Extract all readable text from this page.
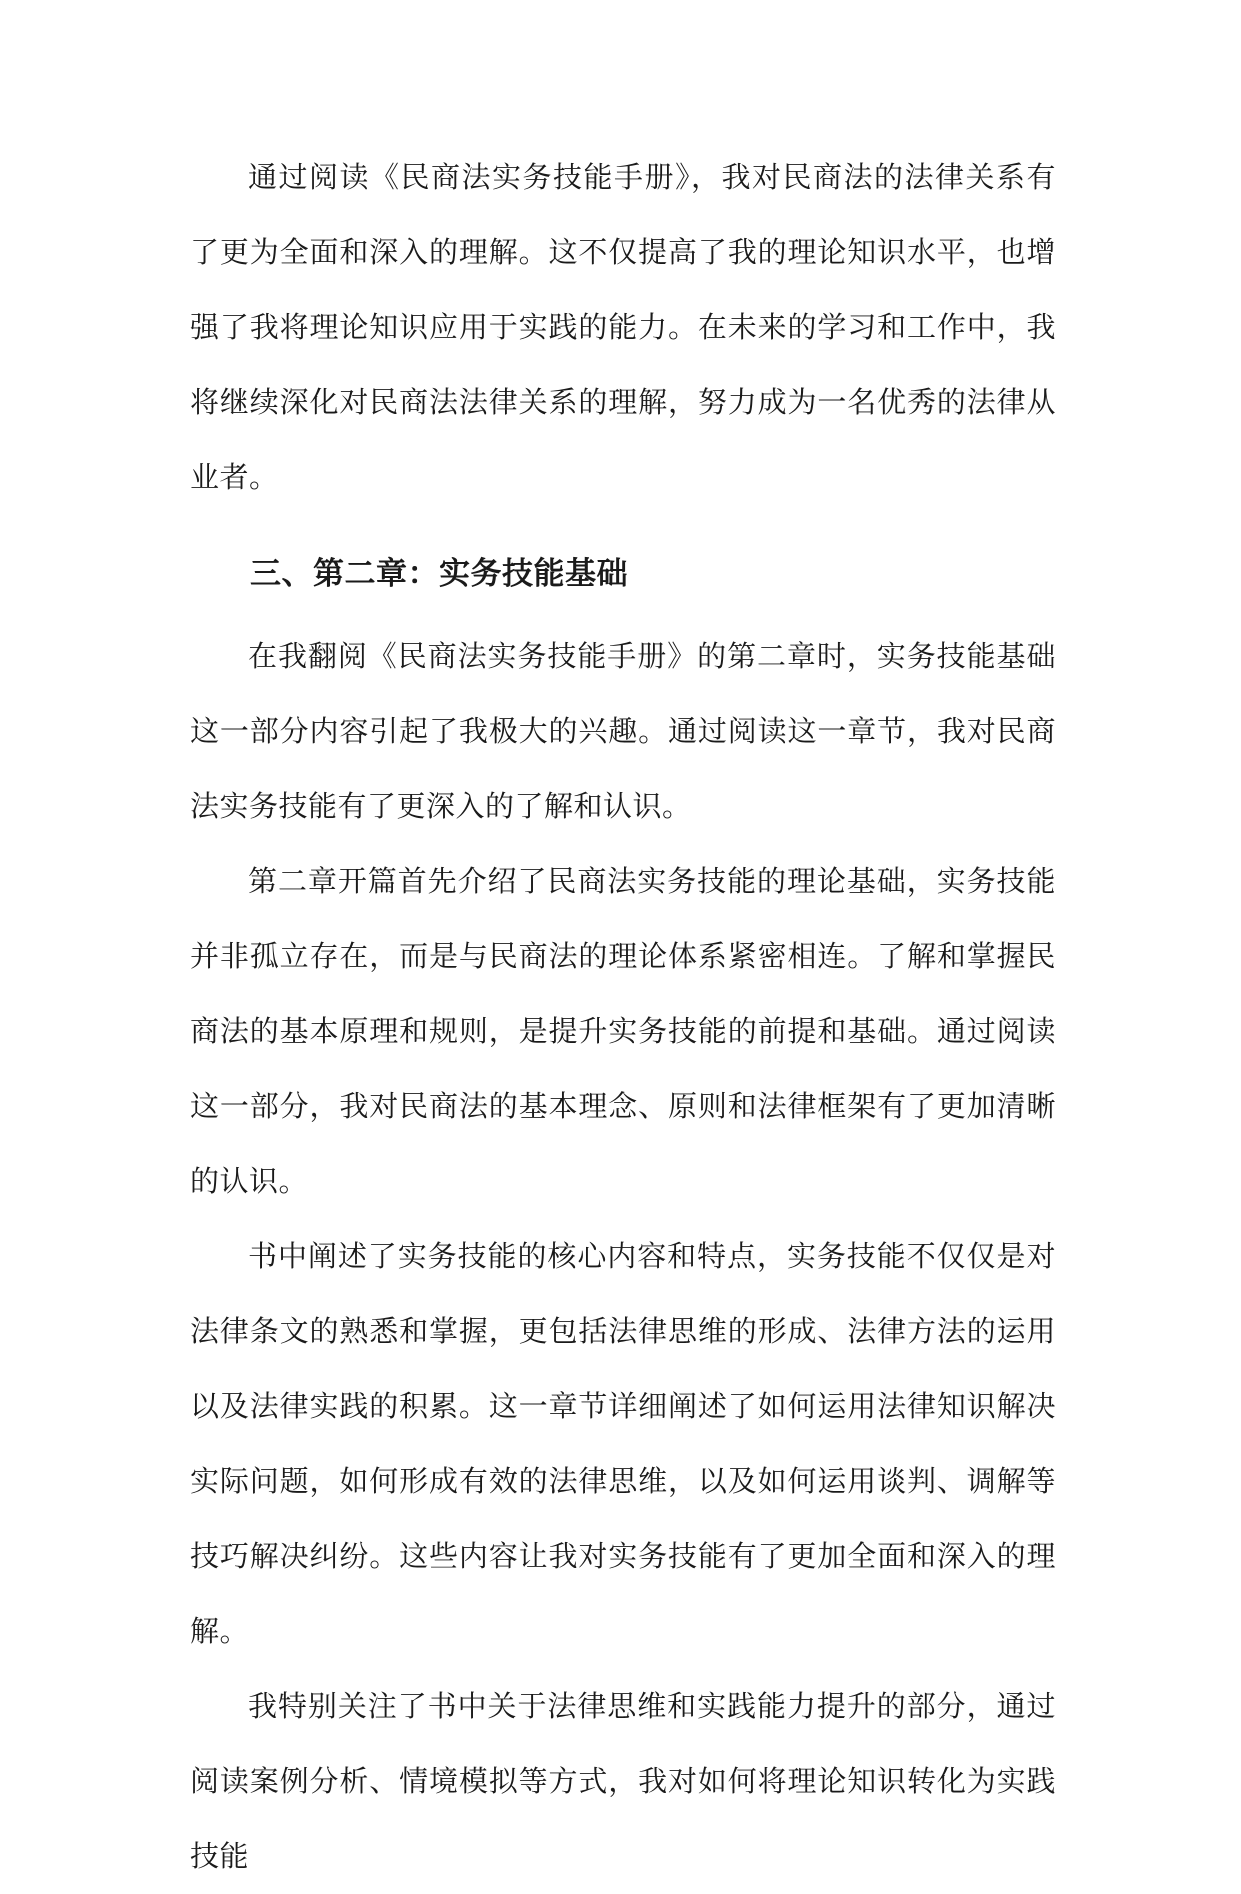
通过阅读《民商法实务技能手册》，我对民商法的法律关系有了更为全面和深入的理解。这不仅提高了我的理论知识水平，也增强了我将理论知识应用于实践的能力。在未来的学习和工作中，我将继续深化对民商法法律关系的理解，努力成为一名优秀的法律从业者。

三、第二章：实务技能基础

在我翻阅《民商法实务技能手册》的第二章时，实务技能基础这一部分内容引起了我极大的兴趣。通过阅读这一章节，我对民商法实务技能有了更深入的了解和认识。

第二章开篇首先介绍了民商法实务技能的理论基础，实务技能并非孤立存在，而是与民商法的理论体系紧密相连。了解和掌握民商法的基本原理和规则，是提升实务技能的前提和基础。通过阅读这一部分，我对民商法的基本理念、原则和法律框架有了更加清晰的认识。

书中阐述了实务技能的核心内容和特点，实务技能不仅仅是对法律条文的熟悉和掌握，更包括法律思维的形成、法律方法的运用以及法律实践的积累。这一章节详细阐述了如何运用法律知识解决实际问题，如何形成有效的法律思维，以及如何运用谈判、调解等技巧解决纠纷。这些内容让我对实务技能有了更加全面和深入的理解。

我特别关注了书中关于法律思维和实践能力提升的部分，通过阅读案例分析、情境模拟等方式，我对如何将理论知识转化为实践技能
